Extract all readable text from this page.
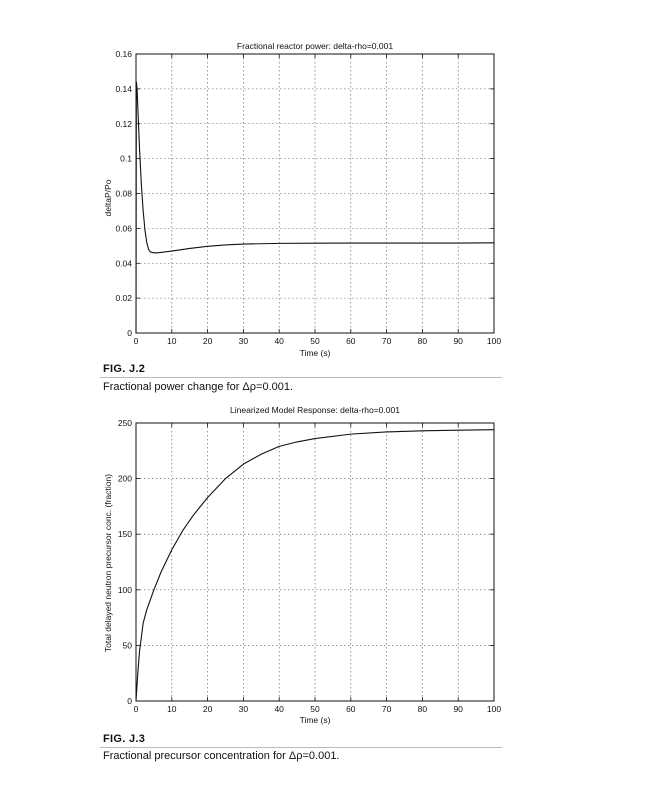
Fractional reactor power: delta-rho=0.001
deltaP/Po
Time (s)
0	10	20	30	40	50	60	70	80	90	100
0
0.02
0.04
0.06
0.08
0.1
0.12
0.14
0.16
FIG. J.2
Fractional power change for Δρ=0.001.
Linearized Model Response: delta-rho=0.001
Total delayed neutron precursor conc. (fraction)
Time (s)
0	10	20	30	40	50	60	70	80	90	100
0
50
100
150
200
250
FIG. J.3
Fractional precursor concentration for Δρ=0.001.
